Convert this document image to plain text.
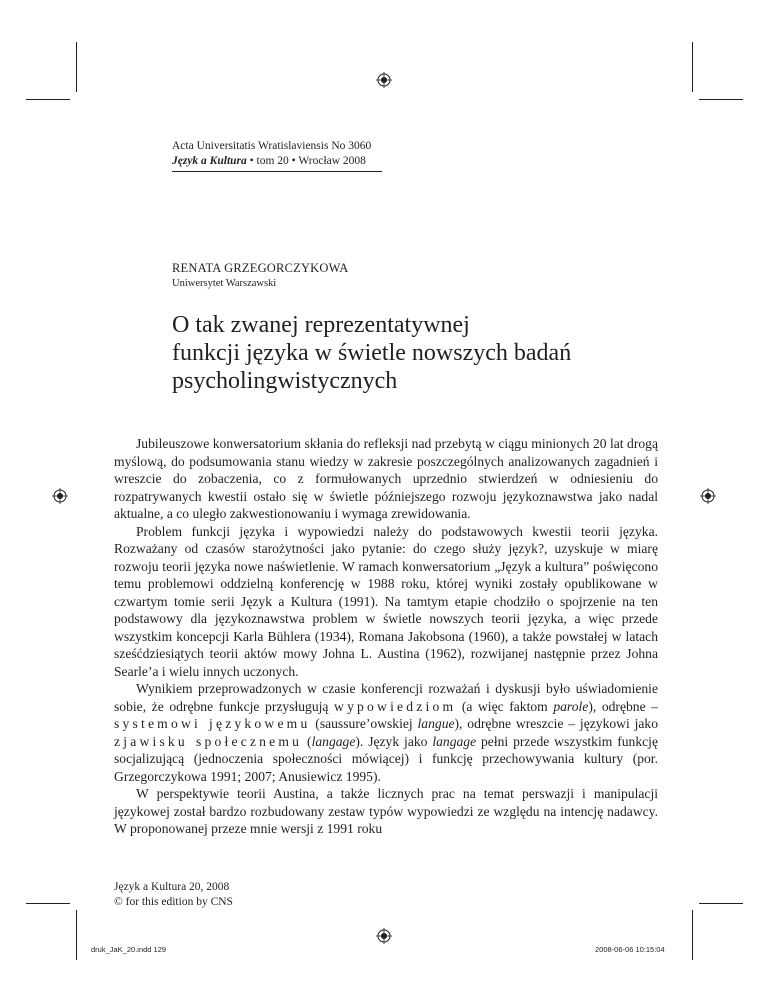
Acta Universitatis Wratislaviensis No 3060
Język a Kultura • tom 20 • Wrocław 2008
RENATA GRZEGORCZYKOWA
Uniwersytet Warszawski
O tak zwanej reprezentatywnej
funkcji języka w świetle nowszych badań
psycholingwistycznych

Jubileuszowe konwersatorium skłania do refleksji nad przebytą w ciągu minionych 20 lat drogą myślową, do podsumowania stanu wiedzy w zakresie poszczególnych analizowanych zagadnień i wreszcie do zobaczenia, co z formułowanych uprzednio stwierdzeń w odniesieniu do rozpatrywanych kwestii ostało się w świetle późniejszego rozwoju językoznawstwa jako nadal aktualne, a co uległo zakwestionowaniu i wymaga zrewidowania.

Problem funkcji języka i wypowiedzi należy do podstawowych kwestii teorii języka. Rozważany od czasów starożytności jako pytanie: do czego służy język?, uzyskuje w miarę rozwoju teorii języka nowe naświetlenie. W ramach konwersatorium „Język a kultura” poświęcono temu problemowi oddzielną konferencję w 1988 roku, której wyniki zostały opublikowane w czwartym tomie serii Język a Kultura (1991). Na tamtym etapie chodziło o spojrzenie na ten podstawowy dla językoznawstwa problem w świetle nowszych teorii języka, a więc przede wszystkim koncepcji Karla Bühlera (1934), Romana Jakobsona (1960), a także powstałej w latach sześćdziesiątych teorii aktów mowy Johna L. Austina (1962), rozwijanej następnie przez Johna Searle’a i wielu innych uczonych.

Wynikiem przeprowadzonych w czasie konferencji rozważań i dyskusji było uświadomienie sobie, że odrębne funkcje przysługują wypowiedziom (a więc faktom parole), odrębne – systemowi językowemu (saussure’owskiej langue), odrębne wreszcie – językowi jako zjawisku społecznemu (langage). Język jako langage pełni przede wszystkim funkcję socjalizującą (jednoczenia społeczności mówiącej) i funkcję przechowywania kultury (por. Grzegorczykowa 1991; 2007; Anusiewicz 1995).

W perspektywie teorii Austina, a także licznych prac na temat perswazji i manipulacji językowej został bardzo rozbudowany zestaw typów wypowiedzi ze względu na intencję nadawcy. W proponowanej przeze mnie wersji z 1991 roku

Język a Kultura 20, 2008
© for this edition by CNS
druk_JaK_20.indd 129	2008-06-06 10:15:04
